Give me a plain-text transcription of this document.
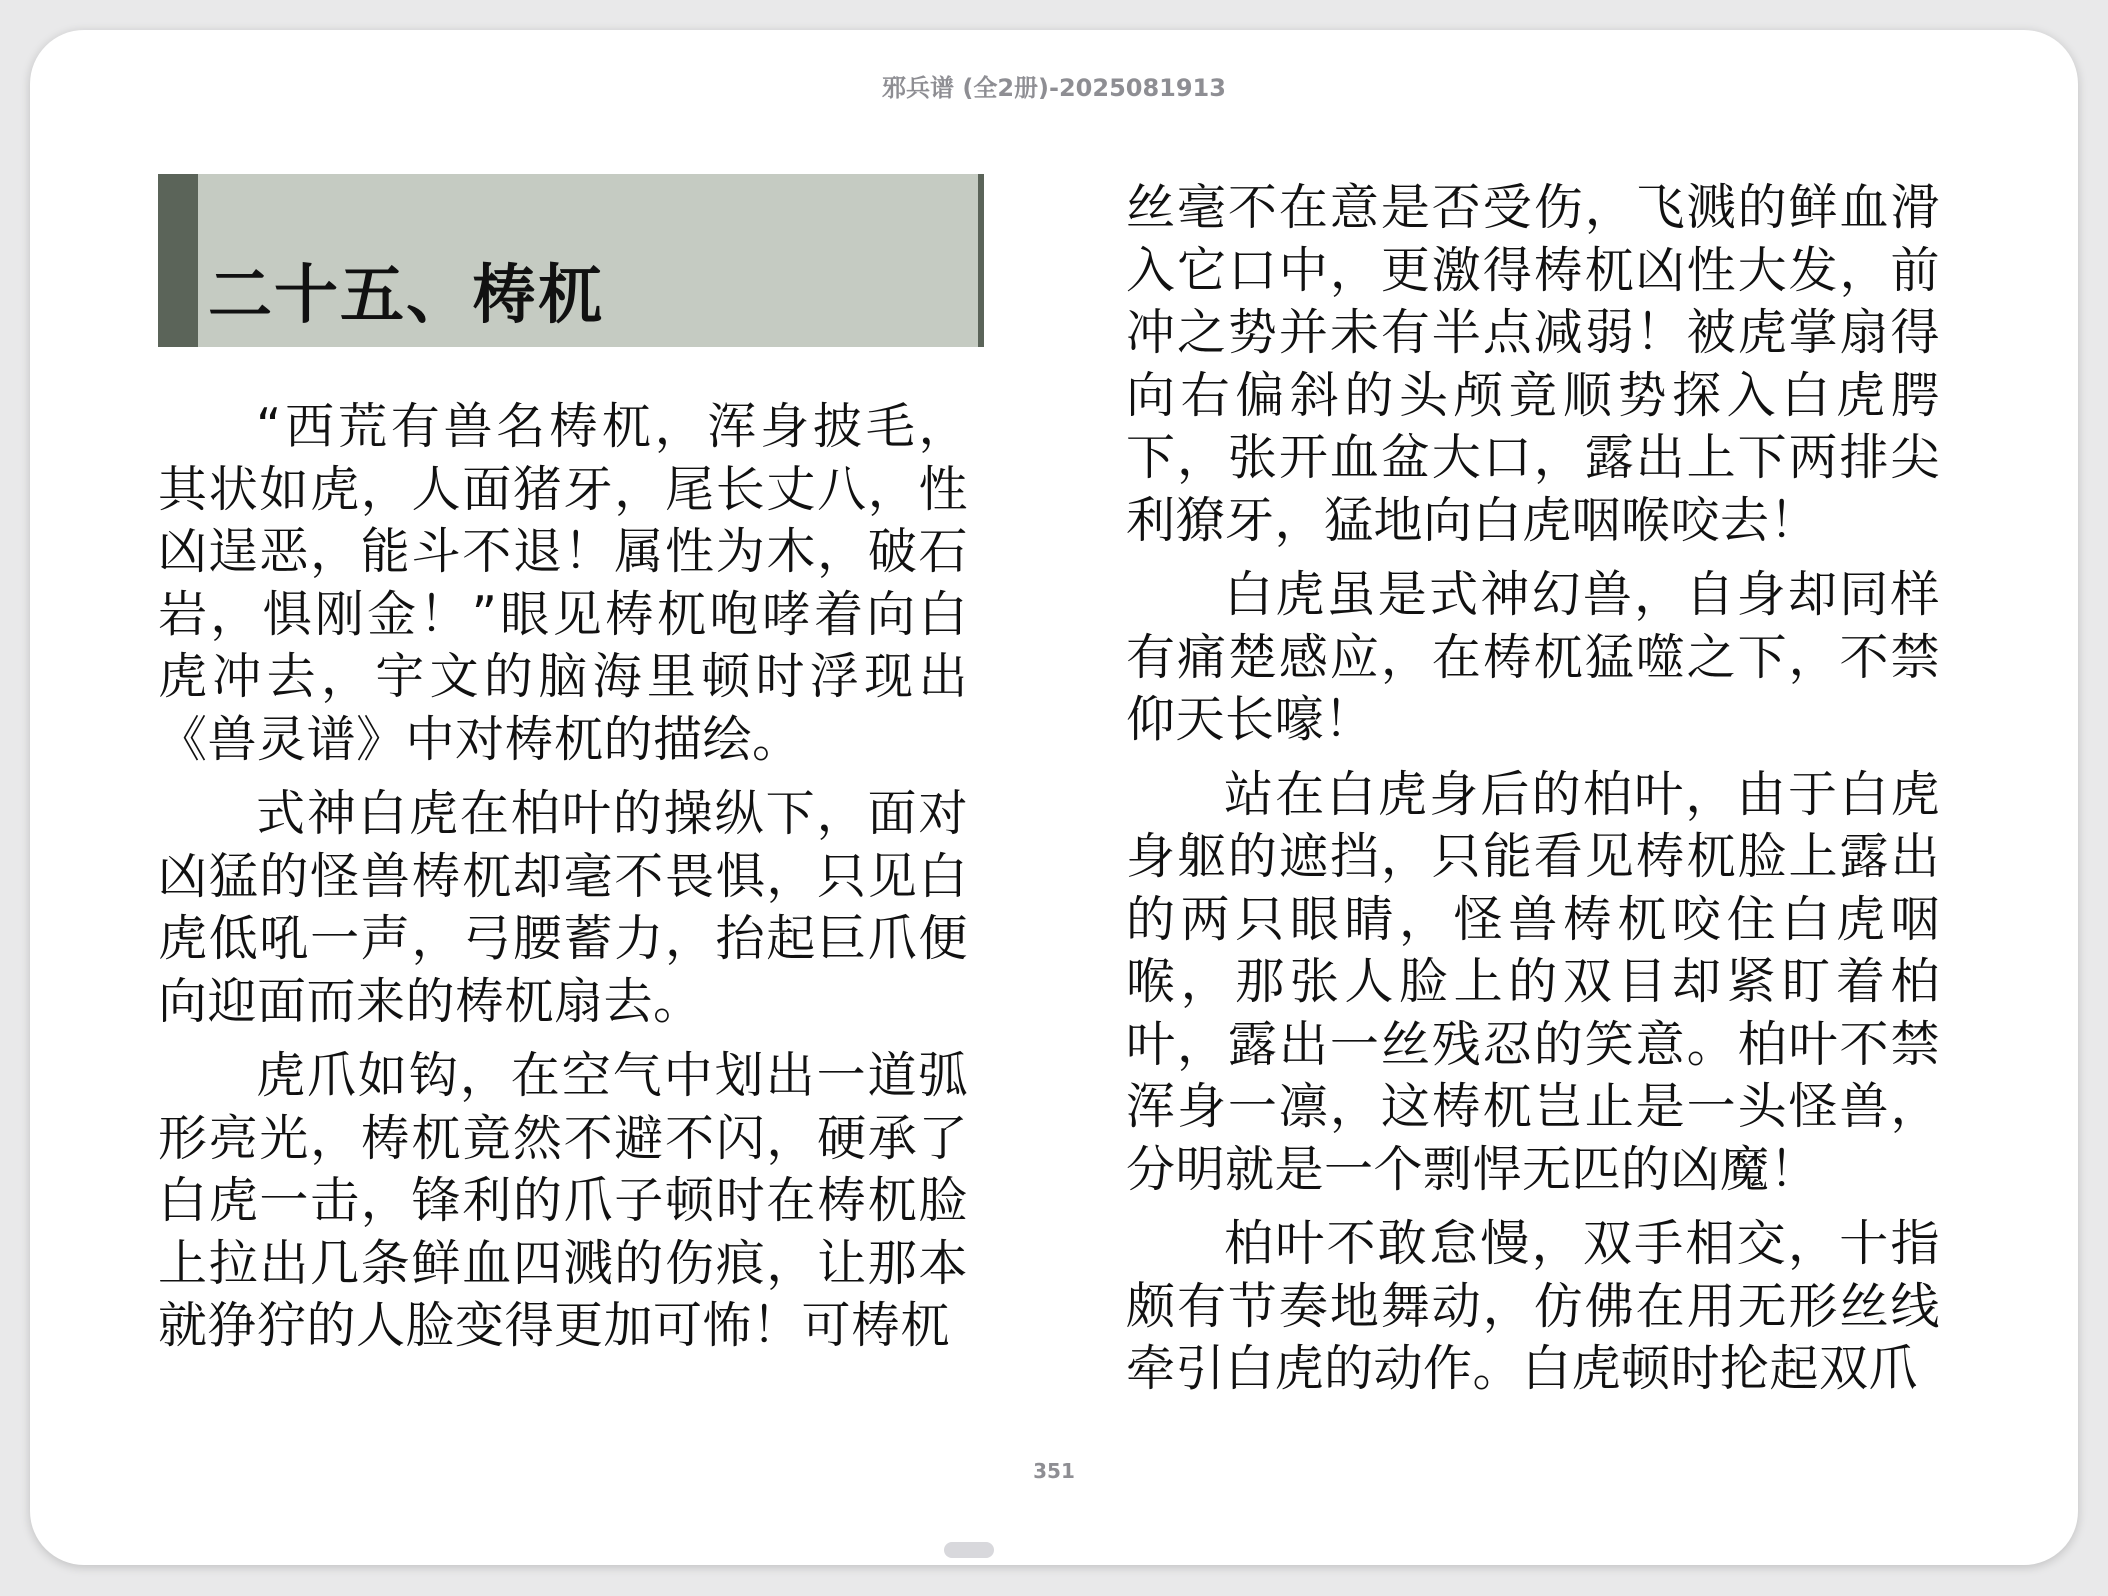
邪兵谱 (全2册)-2025081913
二十五、梼杌

“西荒有兽名梼杌，浑身披毛，其状如虎，人面猪牙，尾长丈八，性凶逞恶，能斗不退！属性为木，破石岩，惧刚金！”眼见梼杌咆哮着向白虎冲去，宇文的脑海里顿时浮现出《兽灵谱》中对梼杌的描绘。

式神白虎在柏叶的操纵下，面对凶猛的怪兽梼杌却毫不畏惧，只见白虎低吼一声，弓腰蓄力，抬起巨爪便向迎面而来的梼杌扇去。

虎爪如钩，在空气中划出一道弧形亮光，梼杌竟然不避不闪，硬承了白虎一击，锋利的爪子顿时在梼杌脸上拉出几条鲜血四溅的伤痕，让那本就狰狞的人脸变得更加可怖！可梼杌

丝毫不在意是否受伤，飞溅的鲜血滑入它口中，更激得梼杌凶性大发，前冲之势并未有半点减弱！被虎掌扇得向右偏斜的头颅竟顺势探入白虎腭下，张开血盆大口，露出上下两排尖利獠牙，猛地向白虎咽喉咬去！

白虎虽是式神幻兽，自身却同样有痛楚感应，在梼杌猛噬之下，不禁仰天长嚎！

站在白虎身后的柏叶，由于白虎身躯的遮挡，只能看见梼杌脸上露出的两只眼睛，怪兽梼杌咬住白虎咽喉，那张人脸上的双目却紧盯着柏叶，露出一丝残忍的笑意。柏叶不禁浑身一凛，这梼杌岂止是一头怪兽，分明就是一个剽悍无匹的凶魔！

柏叶不敢怠慢，双手相交，十指颇有节奏地舞动，仿佛在用无形丝线牵引白虎的动作。白虎顿时抡起双爪

351
